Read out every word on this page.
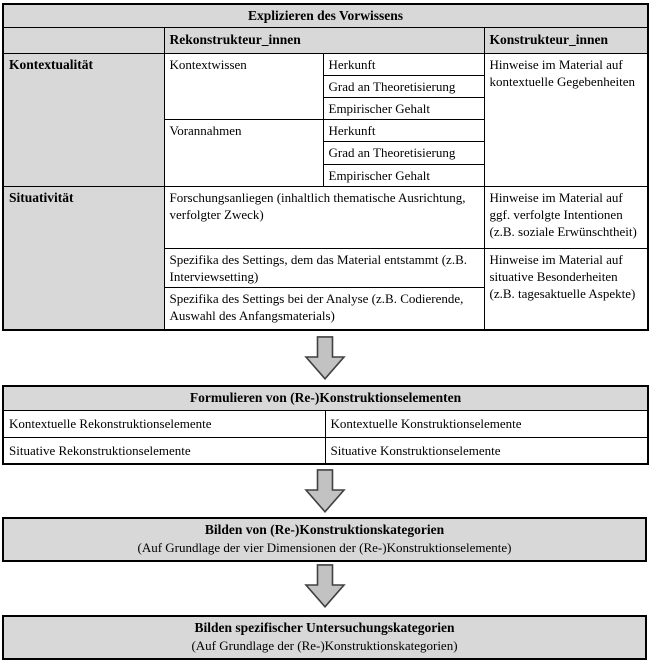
Explizieren des Vorwissens			
	Rekonstrukteur_innen		Konstrukteur_innen
Kontextualität	Kontextwissen	Herkunft	Hinweise im Material auf kontextuelle Gegebenheiten
		Grad an Theoretisierung	
		Empirischer Gehalt	
	Vorannahmen	Herkunft	
		Grad an Theoretisierung	
		Empirischer Gehalt	
Situativität	Forschungsanliegen (inhaltlich thematische Ausrichtung, verfolgter Zweck)		Hinweise im Material auf ggf. verfolgte Intentionen (z.B. soziale Erwünschtheit)
	Spezifika des Settings, dem das Material entstammt (z.B. Interviewsetting)		Hinweise im Material auf situative Besonderheiten (z.B. tagesaktuelle Aspekte)
	Spezifika des Settings bei der Analyse (z.B. Codierende, Auswahl des Anfangsmaterials)		
Formulieren von (Re-)Konstruktionselementen	
Kontextuelle Rekonstruktionselemente	Kontextuelle Konstruktionselemente
Situative Rekonstruktionselemente	Situative Konstruktionselemente
Bilden von (Re-)Konstruktionskategorien
(Auf Grundlage der vier Dimensionen der (Re-)Konstruktionselemente)
Bilden spezifischer Untersuchungskategorien
(Auf Grundlage der (Re-)Konstruktionskategorien)
